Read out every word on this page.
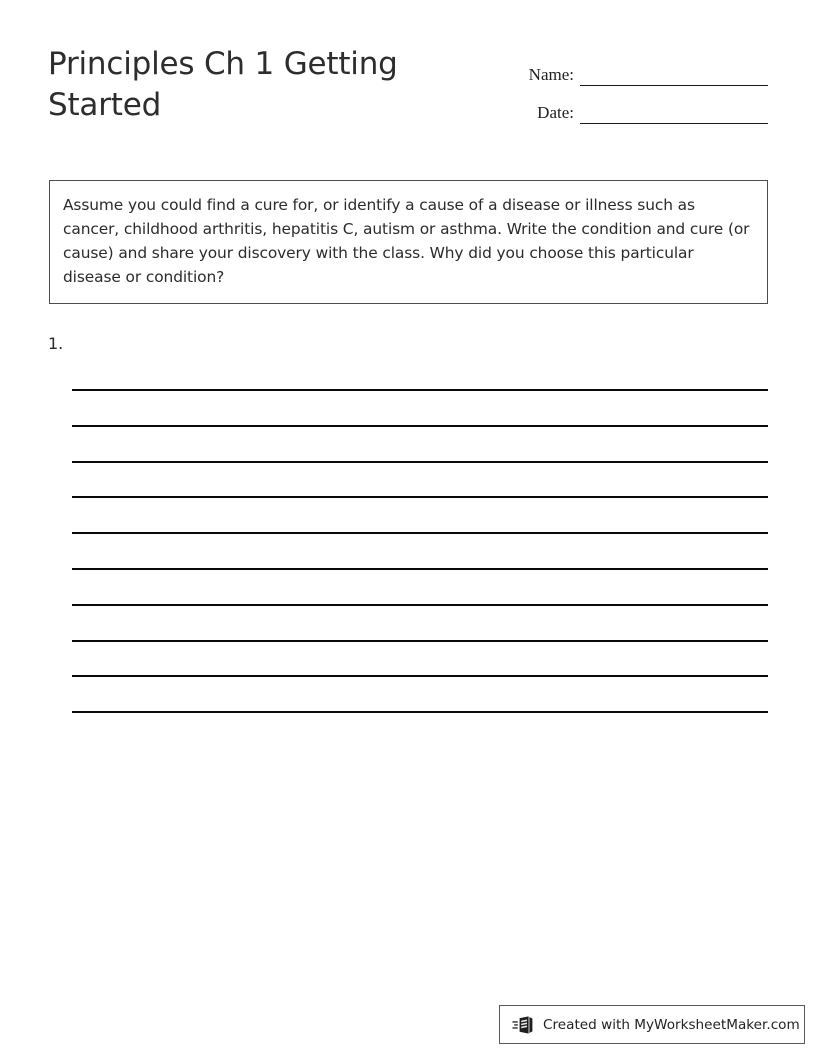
Principles Ch 1 Getting Started
Name:
Date:

Assume you could find a cure for, or identify a cause of a disease or illness such as cancer, childhood arthritis, hepatitis C, autism or asthma. Write the condition and cure (or cause) and share your discovery with the class. Why did you choose this particular disease or condition?

1.

Created with MyWorksheetMaker.com
